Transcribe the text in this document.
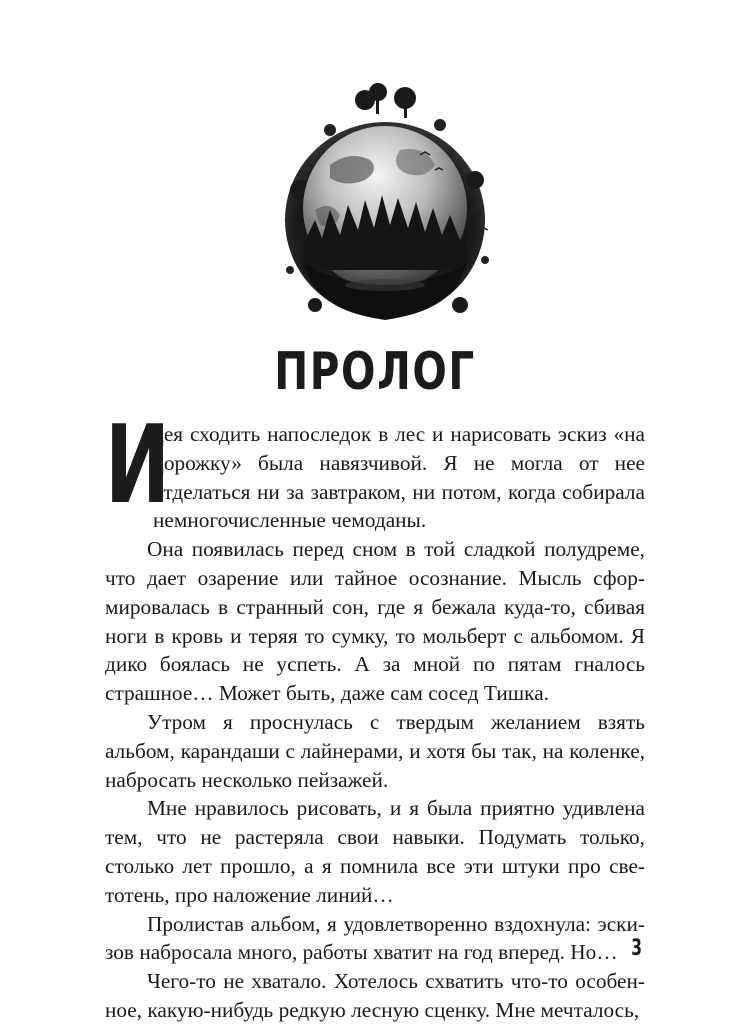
ПРОЛОГ

И
дея сходить напоследок в лес и нарисовать эскиз «на дорожку» была навязчивой. Я не могла от нее отделаться ни за завтраком, ни потом, когда собирала немногочисленные чемоданы.

Она появилась перед сном в той сладкой полудреме, что дает озарение или тайное осознание. Мысль сформировалась в странный сон, где я бежала куда-то, сбивая ноги в кровь и теряя то сумку, то мольберт с альбомом. Я дико боялась не успеть. А за мной по пятам гналось страшное… Может быть, даже сам сосед Тишка.

Утром я проснулась с твердым желанием взять альбом, карандаши с лайнерами, и хотя бы так, на коленке, набросать несколько пейзажей.

Мне нравилось рисовать, и я была приятно удивлена тем, что не растеряла свои навыки. Подумать только, столько лет прошло, а я помнила все эти штуки про светотень, про наложение линий…

Пролистав альбом, я удовлетворенно вздохнула: эскизов набросала много, работы хватит на год вперед. Но…

Чего-то не хватало. Хотелось схватить что-то особенное, какую-нибудь редкую лесную сценку. Мне мечталось,

3
